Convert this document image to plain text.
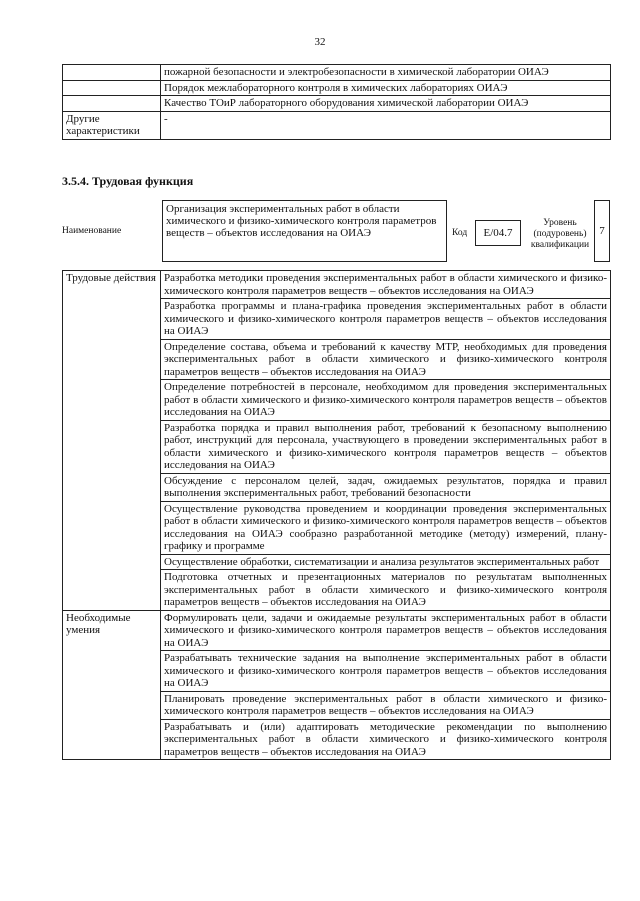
32
	пожарной безопасности и электробезопасности в химической лаборатории ОИАЭ
	Порядок межлабораторного контроля в химических лабораториях ОИАЭ
	Качество ТОиР лабораторного оборудования химической лаборатории ОИАЭ
Другие характеристики	-
3.5.4. Трудовая функция
Наименование
Организация экспериментальных работ в области химического и физико-химического контроля параметров веществ – объектов исследования на ОИАЭ	Код	E/04.7
Уровень (подуровень) квалификации
7
Трудовые действия	Разработка методики проведения экспериментальных работ в области химического и физико-химического контроля параметров веществ – объектов исследования на ОИАЭ
	Разработка программы и плана-графика проведения экспериментальных работ в области химического и физико-химического контроля параметров веществ – объектов исследования на ОИАЭ
	Определение состава, объема и требований к качеству МТР, необходимых для проведения экспериментальных работ в области химического и физико-химического контроля параметров веществ – объектов исследования на ОИАЭ
	Определение потребностей в персонале, необходимом для проведения экспериментальных работ в области химического и физико-химического контроля параметров веществ – объектов исследования на ОИАЭ
	Разработка порядка и правил выполнения работ, требований к безопасному выполнению работ, инструкций для персонала, участвующего в проведении экспериментальных работ в области химического и физико-химического контроля параметров веществ – объектов исследования на ОИАЭ
	Обсуждение с персоналом целей, задач, ожидаемых результатов, порядка и правил выполнения экспериментальных работ, требований безопасности
	Осуществление руководства проведением и координации проведения экспериментальных работ в области химического и физико-химического контроля параметров веществ – объектов исследования на ОИАЭ сообразно разработанной методике (методу) измерений, плану-графику и программе
	Осуществление обработки, систематизации и анализа результатов экспериментальных работ
	Подготовка отчетных и презентационных материалов по результатам выполненных экспериментальных работ в области химического и физико-химического контроля параметров веществ – объектов исследования на ОИАЭ
Необходимые умения	Формулировать цели, задачи и ожидаемые результаты экспериментальных работ в области химического и физико-химического контроля параметров веществ – объектов исследования на ОИАЭ
	Разрабатывать технические задания на выполнение экспериментальных работ в области химического и физико-химического контроля параметров веществ – объектов исследования на ОИАЭ
	Планировать проведение экспериментальных работ в области химического и физико-химического контроля параметров веществ – объектов исследования на ОИАЭ
	Разрабатывать и (или) адаптировать методические рекомендации по выполнению экспериментальных работ в области химического и физико-химического контроля параметров веществ – объектов исследования на ОИАЭ
